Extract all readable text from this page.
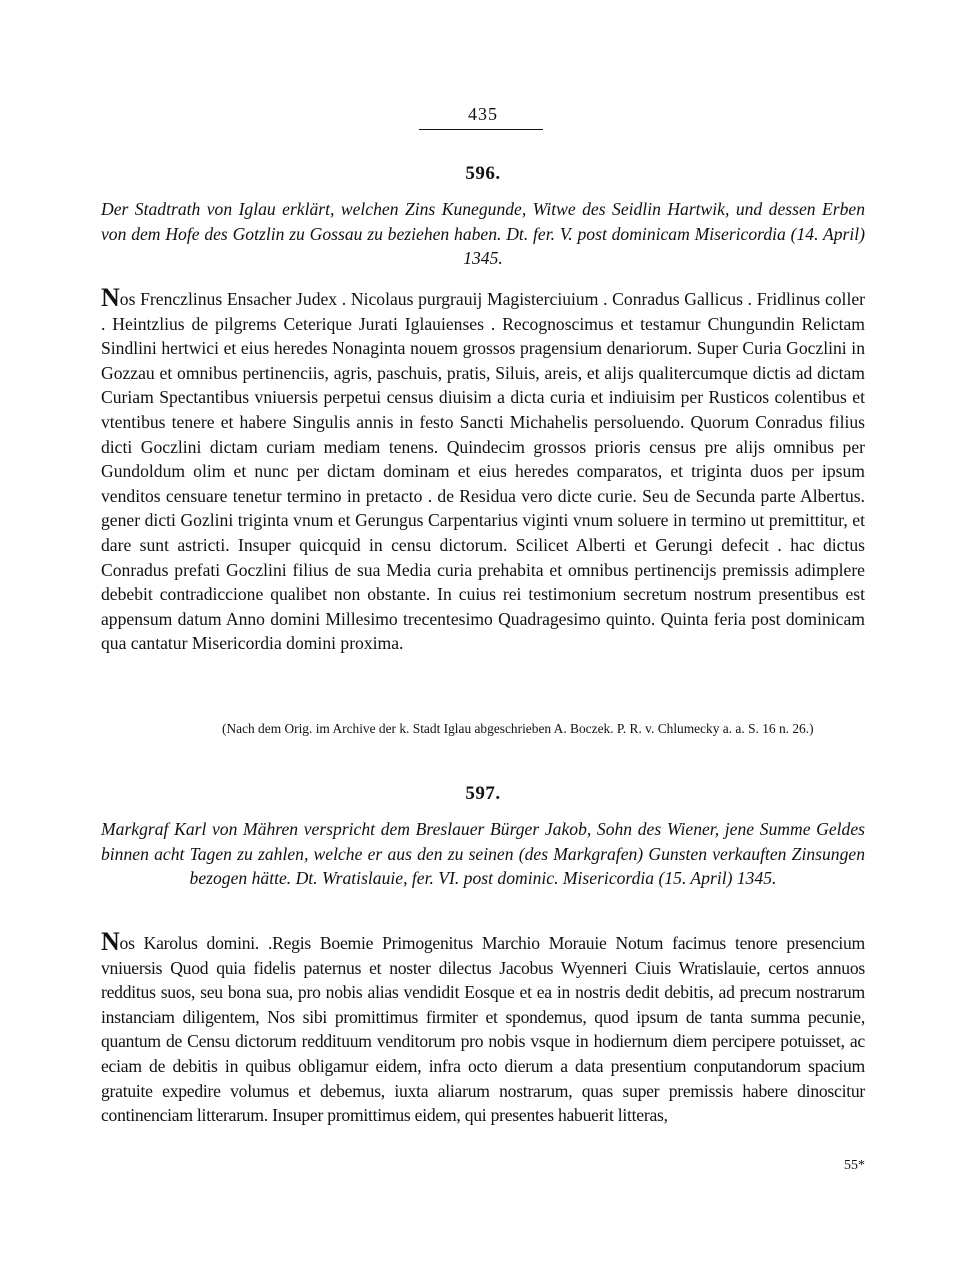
435
596.
Der Stadtrath von Iglau erklärt, welchen Zins Kunegunde, Witwe des Seidlin Hartwik, und dessen Erben von dem Hofe des Gotzlin zu Gossau zu beziehen haben. Dt. fer. V. post dominicam Misericordia (14. April) 1345.
Nos Frenczlinus Ensacher Judex . Nicolaus purgrauij Magisterciuium . Conradus Gallicus . Fridlinus coller . Heintzlius de pilgrems Ceterique Jurati Iglauienses . Recognoscimus et testamur Chungundin Relictam Sindlini hertwici et eius heredes Nonaginta nouem grossos pragensium denariorum. Super Curia Goczlini in Gozzau et omnibus pertinenciis, agris, paschuis, pratis, Siluis, areis, et alijs qualitercumque dictis ad dictam Curiam Spectantibus vniuersis perpetui census diuisim a dicta curia et indiuisim per Rusticos colentibus et vtentibus tenere et habere Singulis annis in festo Sancti Michahelis persoluendo. Quorum Conradus filius dicti Goczlini dictam curiam mediam tenens. Quindecim grossos prioris census pre alijs omnibus per Gundoldum olim et nunc per dictam dominam et eius heredes comparatos, et triginta duos per ipsum venditos censuare tenetur termino in pretacto . de Residua vero dicte curie. Seu de Secunda parte Albertus. gener dicti Gozlini triginta vnum et Gerungus Carpentarius viginti vnum soluere in termino ut premittitur, et dare sunt astricti. Insuper quicquid in censu dictorum. Scilicet Alberti et Gerungi defecit . hac dictus Conradus prefati Goczlini filius de sua Media curia prehabita et omnibus pertinencijs premissis adimplere debebit contradiccione qualibet non obstante. In cuius rei testimonium secretum nostrum presentibus est appensum datum Anno domini Millesimo trecentesimo Quadragesimo quinto. Quinta feria post dominicam qua cantatur Misericordia domini proxima.
(Nach dem Orig. im Archive der k. Stadt Iglau abgeschrieben A. Boczek. P. R. v. Chlumecky a. a. S. 16 n. 26.)
597.
Markgraf Karl von Mähren verspricht dem Breslauer Bürger Jakob, Sohn des Wiener, jene Summe Geldes binnen acht Tagen zu zahlen, welche er aus den zu seinen (des Markgrafen) Gunsten verkauften Zinsungen bezogen hätte. Dt. Wratislauie, fer. VI. post dominic. Misericordia (15. April) 1345.
Nos Karolus domini. .Regis Boemie Primogenitus Marchio Morauie Notum facimus tenore presencium vniuersis Quod quia fidelis paternus et noster dilectus Jacobus Wyenneri Ciuis Wratislauie, certos annuos redditus suos, seu bona sua, pro nobis alias vendidit Eosque et ea in nostris dedit debitis, ad precum nostrarum instanciam diligentem, Nos sibi promittimus firmiter et spondemus, quod ipsum de tanta summa pecunie, quantum de Censu dictorum reddituum venditorum pro nobis vsque in hodiernum diem percipere potuisset, ac eciam de debitis in quibus obligamur eidem, infra octo dierum a data presentium conputandorum spacium gratuite expedire volumus et debemus, iuxta aliarum nostrarum, quas super premissis habere dinoscitur continenciam litterarum. Insuper promittimus eidem, qui presentes habuerit litteras,
55*
